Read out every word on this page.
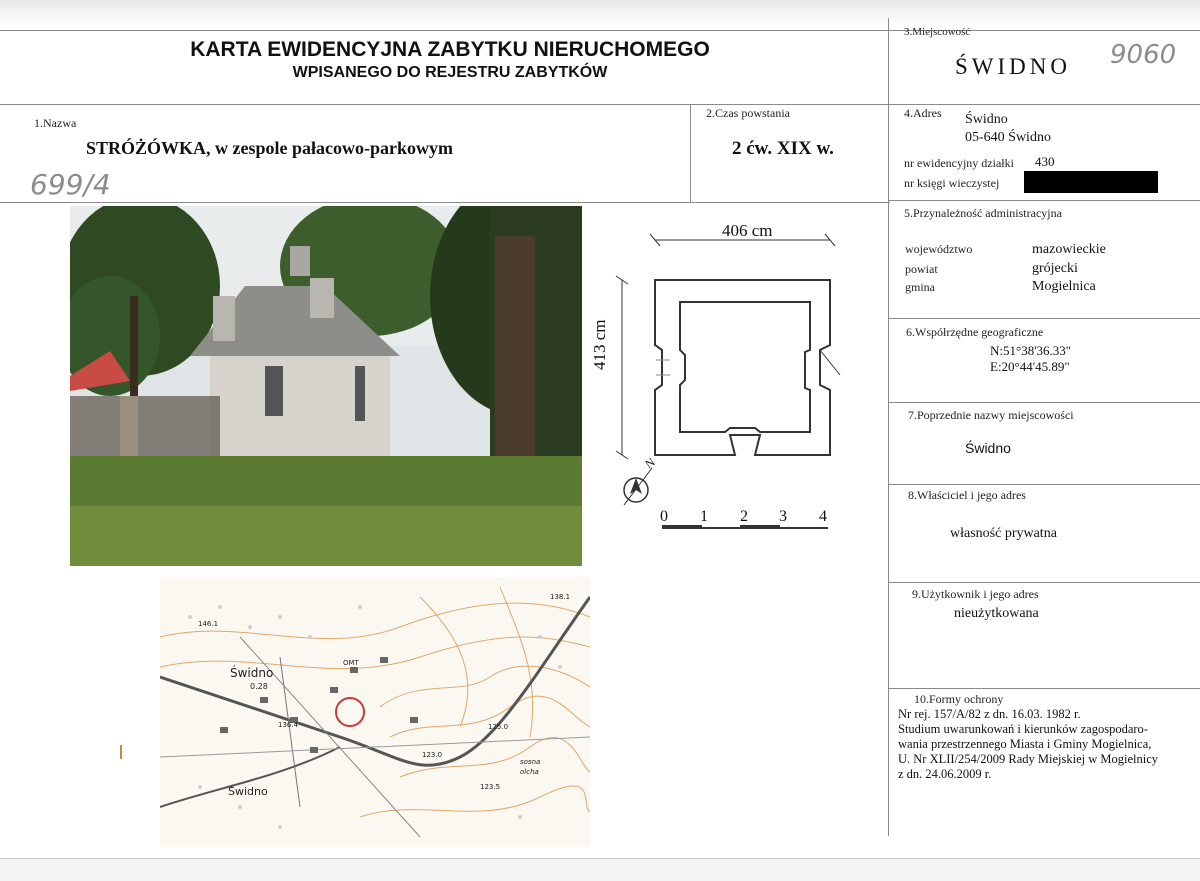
KARTA EWIDENCYJNA ZABYTKU NIERUCHOMEGO
WPISANEGO DO REJESTRU ZABYTKÓW
3.Miejscowość
ŚWIDNO 9060
1.Nazwa
STRÓŻÓWKA, w zespole pałacowo-parkowym
699/4
2.Czas powstania
2 ćw. XIX w.
4.Adres Świdno
05-640 Świdno
nr ewidencyjny działki 430
nr księgi wieczystej
5.Przynależność administracyjna
województwo	mazowieckie
powiat	grójecki
gmina	Mogielnica
6.Współrzędne geograficzne
N:51°38'36.33"
E:20°44'45.89"
7.Poprzednie nazwy miejscowości
Świdno
8.Właściciel i jego adres
własność prywatna
9.Użytkownik i jego adres
nieużytkowana
10.Formy ochrony
Nr rej. 157/A/82 z dn. 16.03. 1982 r.
Studium uwarunkowań i kierunków zagospodaro-
wania przestrzennego Miasta i Gminy Mogielnica,
U. Nr XLII/254/2009 Rady Miejskiej w Mogielnicy
z dn. 24.06.2009 r.
406 cm
413 cm
N
0 1 2 3 4
Świdno
0.28
Świdno
146.1
138.1
136.4	125.0
123.0
123.5
sosna
olcha
OMT
